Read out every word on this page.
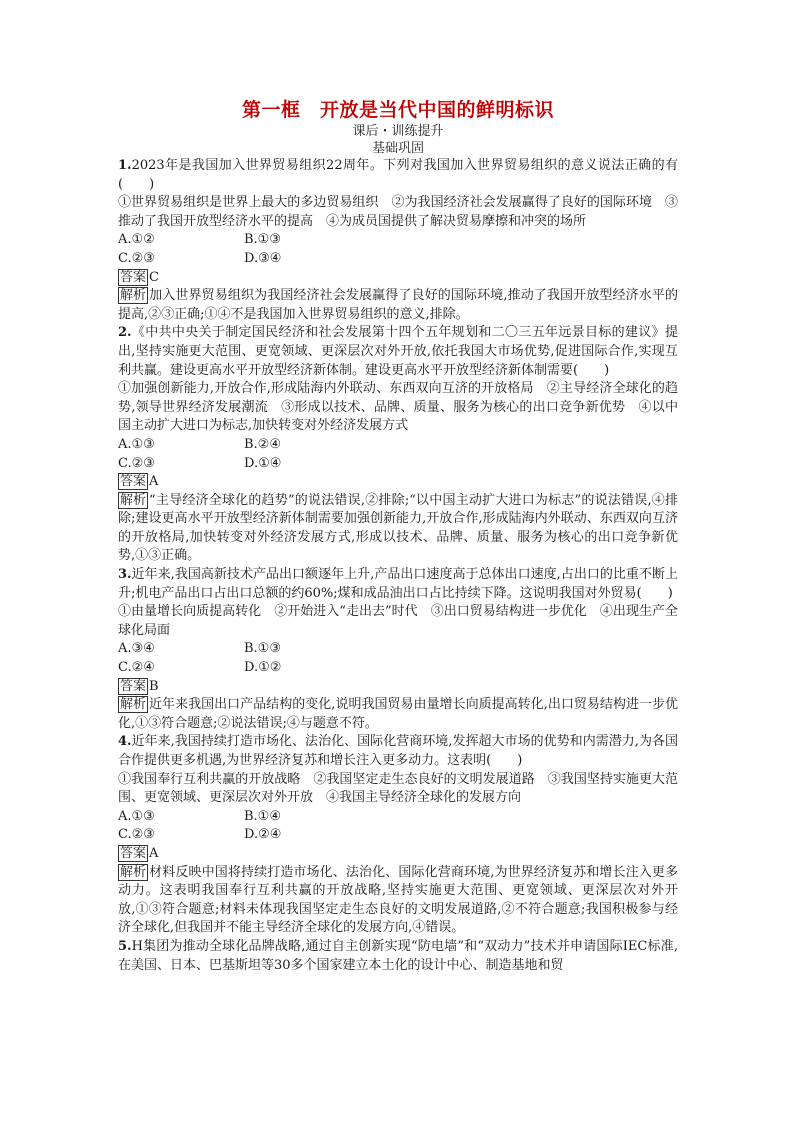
第一框　开放是当代中国的鲜明标识
课后・训练提升
基础巩固
1.2023年是我国加入世界贸易组织22周年。下列对我国加入世界贸易组织的意义说法正确的有(　　)
①世界贸易组织是世界上最大的多边贸易组织　②为我国经济社会发展赢得了良好的国际环境　③推动了我国开放型经济水平的提高　④为成员国提供了解决贸易摩擦和冲突的场所
A.①②	B.①③
C.②③	D.③④
答案 C
解析 加入世界贸易组织为我国经济社会发展赢得了良好的国际环境,推动了我国开放型经济水平的提高,②③正确;①④不是我国加入世界贸易组织的意义,排除。
2.《中共中央关于制定国民经济和社会发展第十四个五年规划和二〇三五年远景目标的建议》提出,坚持实施更大范围、更宽领域、更深层次对外开放,依托我国大市场优势,促进国际合作,实现互利共赢。建设更高水平开放型经济新体制。建设更高水平开放型经济新体制需要(　　)
①加强创新能力,开放合作,形成陆海内外联动、东西双向互济的开放格局　②主导经济全球化的趋势,领导世界经济发展潮流　③形成以技术、品牌、质量、服务为核心的出口竞争新优势　④以中国主动扩大进口为标志,加快转变对外经济发展方式
A.①③	B.②④
C.②③	D.①④
答案 A
解析 “主导经济全球化的趋势”的说法错误,②排除;“以中国主动扩大进口为标志”的说法错误,④排除;建设更高水平开放型经济新体制需要加强创新能力,开放合作,形成陆海内外联动、东西双向互济的开放格局,加快转变对外经济发展方式,形成以技术、品牌、质量、服务为核心的出口竞争新优势,①③正确。
3.近年来,我国高新技术产品出口额逐年上升,产品出口速度高于总体出口速度,占出口的比重不断上升;机电产品出口占出口总额的约60%;煤和成品油出口占比持续下降。这说明我国对外贸易(　　)
①由量增长向质提高转化　②开始进入“走出去”时代　③出口贸易结构进一步优化　④出现生产全球化局面
A.③④	B.①③
C.②④	D.①②
答案 B
解析 近年来我国出口产品结构的变化,说明我国贸易由量增长向质提高转化,出口贸易结构进一步优化,①③符合题意;②说法错误;④与题意不符。
4.近年来,我国持续打造市场化、法治化、国际化营商环境,发挥超大市场的优势和内需潜力,为各国合作提供更多机遇,为世界经济复苏和增长注入更多动力。这表明(　　)
①我国奉行互利共赢的开放战略　②我国坚定走生态良好的文明发展道路　③我国坚持实施更大范围、更宽领域、更深层次对外开放　④我国主导经济全球化的发展方向
A.①③	B.①④
C.②③	D.②④
答案 A
解析 材料反映中国将持续打造市场化、法治化、国际化营商环境,为世界经济复苏和增长注入更多动力。这表明我国奉行互利共赢的开放战略,坚持实施更大范围、更宽领域、更深层次对外开放,①③符合题意;材料未体现我国坚定走生态良好的文明发展道路,②不符合题意;我国积极参与经济全球化,但我国并不能主导经济全球化的发展方向,④错误。
5.H集团为推动全球化品牌战略,通过自主创新实现“防电墙”和“双动力”技术并申请国际IEC标准,在美国、日本、巴基斯坦等30多个国家建立本土化的设计中心、制造基地和贸
